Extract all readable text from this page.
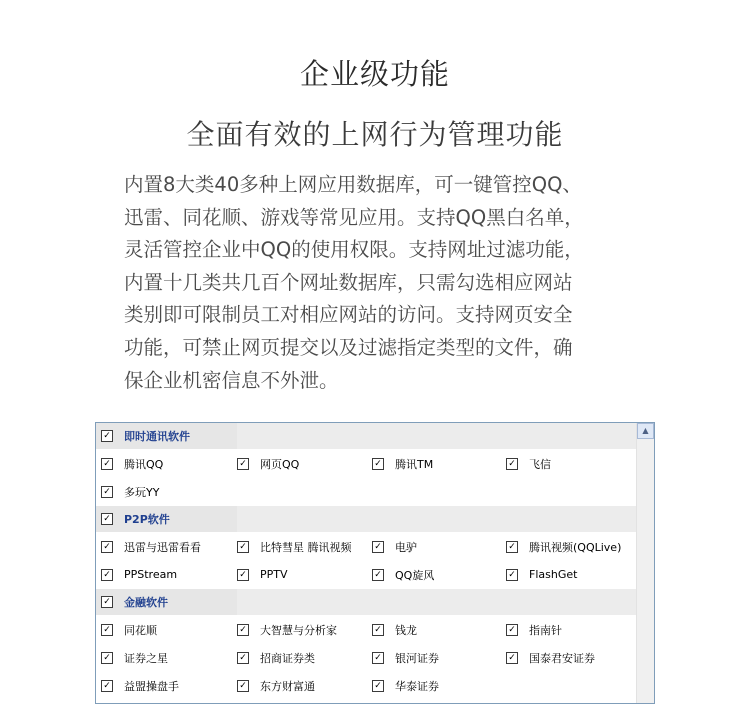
企业级功能
全面有效的上网行为管理功能

内置8大类40多种上网应用数据库，可一键管控QQ、
迅雷、同花顺、游戏等常见应用。支持QQ黑白名单，
灵活管控企业中QQ的使用权限。支持网址过滤功能，
内置十几类共几百个网址数据库，只需勾选相应网站
类别即可限制员工对相应网站的访问。支持网页安全
功能，可禁止网页提交以及过滤指定类型的文件，确
保企业机密信息不外泄。

✓ 即时通讯软件
✓ 腾讯QQ	✓ 网页QQ	✓ 腾讯TM	✓ 飞信
✓ 多玩YY
✓ P2P软件
✓ 迅雷与迅雷看看	✓ 比特彗星 腾讯视频	✓ 电驴	✓ 腾讯视频(QQLive)
✓ PPStream	✓ PPTV	✓ QQ旋风	✓ FlashGet
✓ 金融软件
✓ 同花顺	✓ 大智慧与分析家	✓ 钱龙	✓ 指南针
✓ 证券之星	✓ 招商证券类	✓ 银河证券	✓ 国泰君安证券
✓ 益盟操盘手	✓ 东方财富通	✓ 华泰证券
▲
